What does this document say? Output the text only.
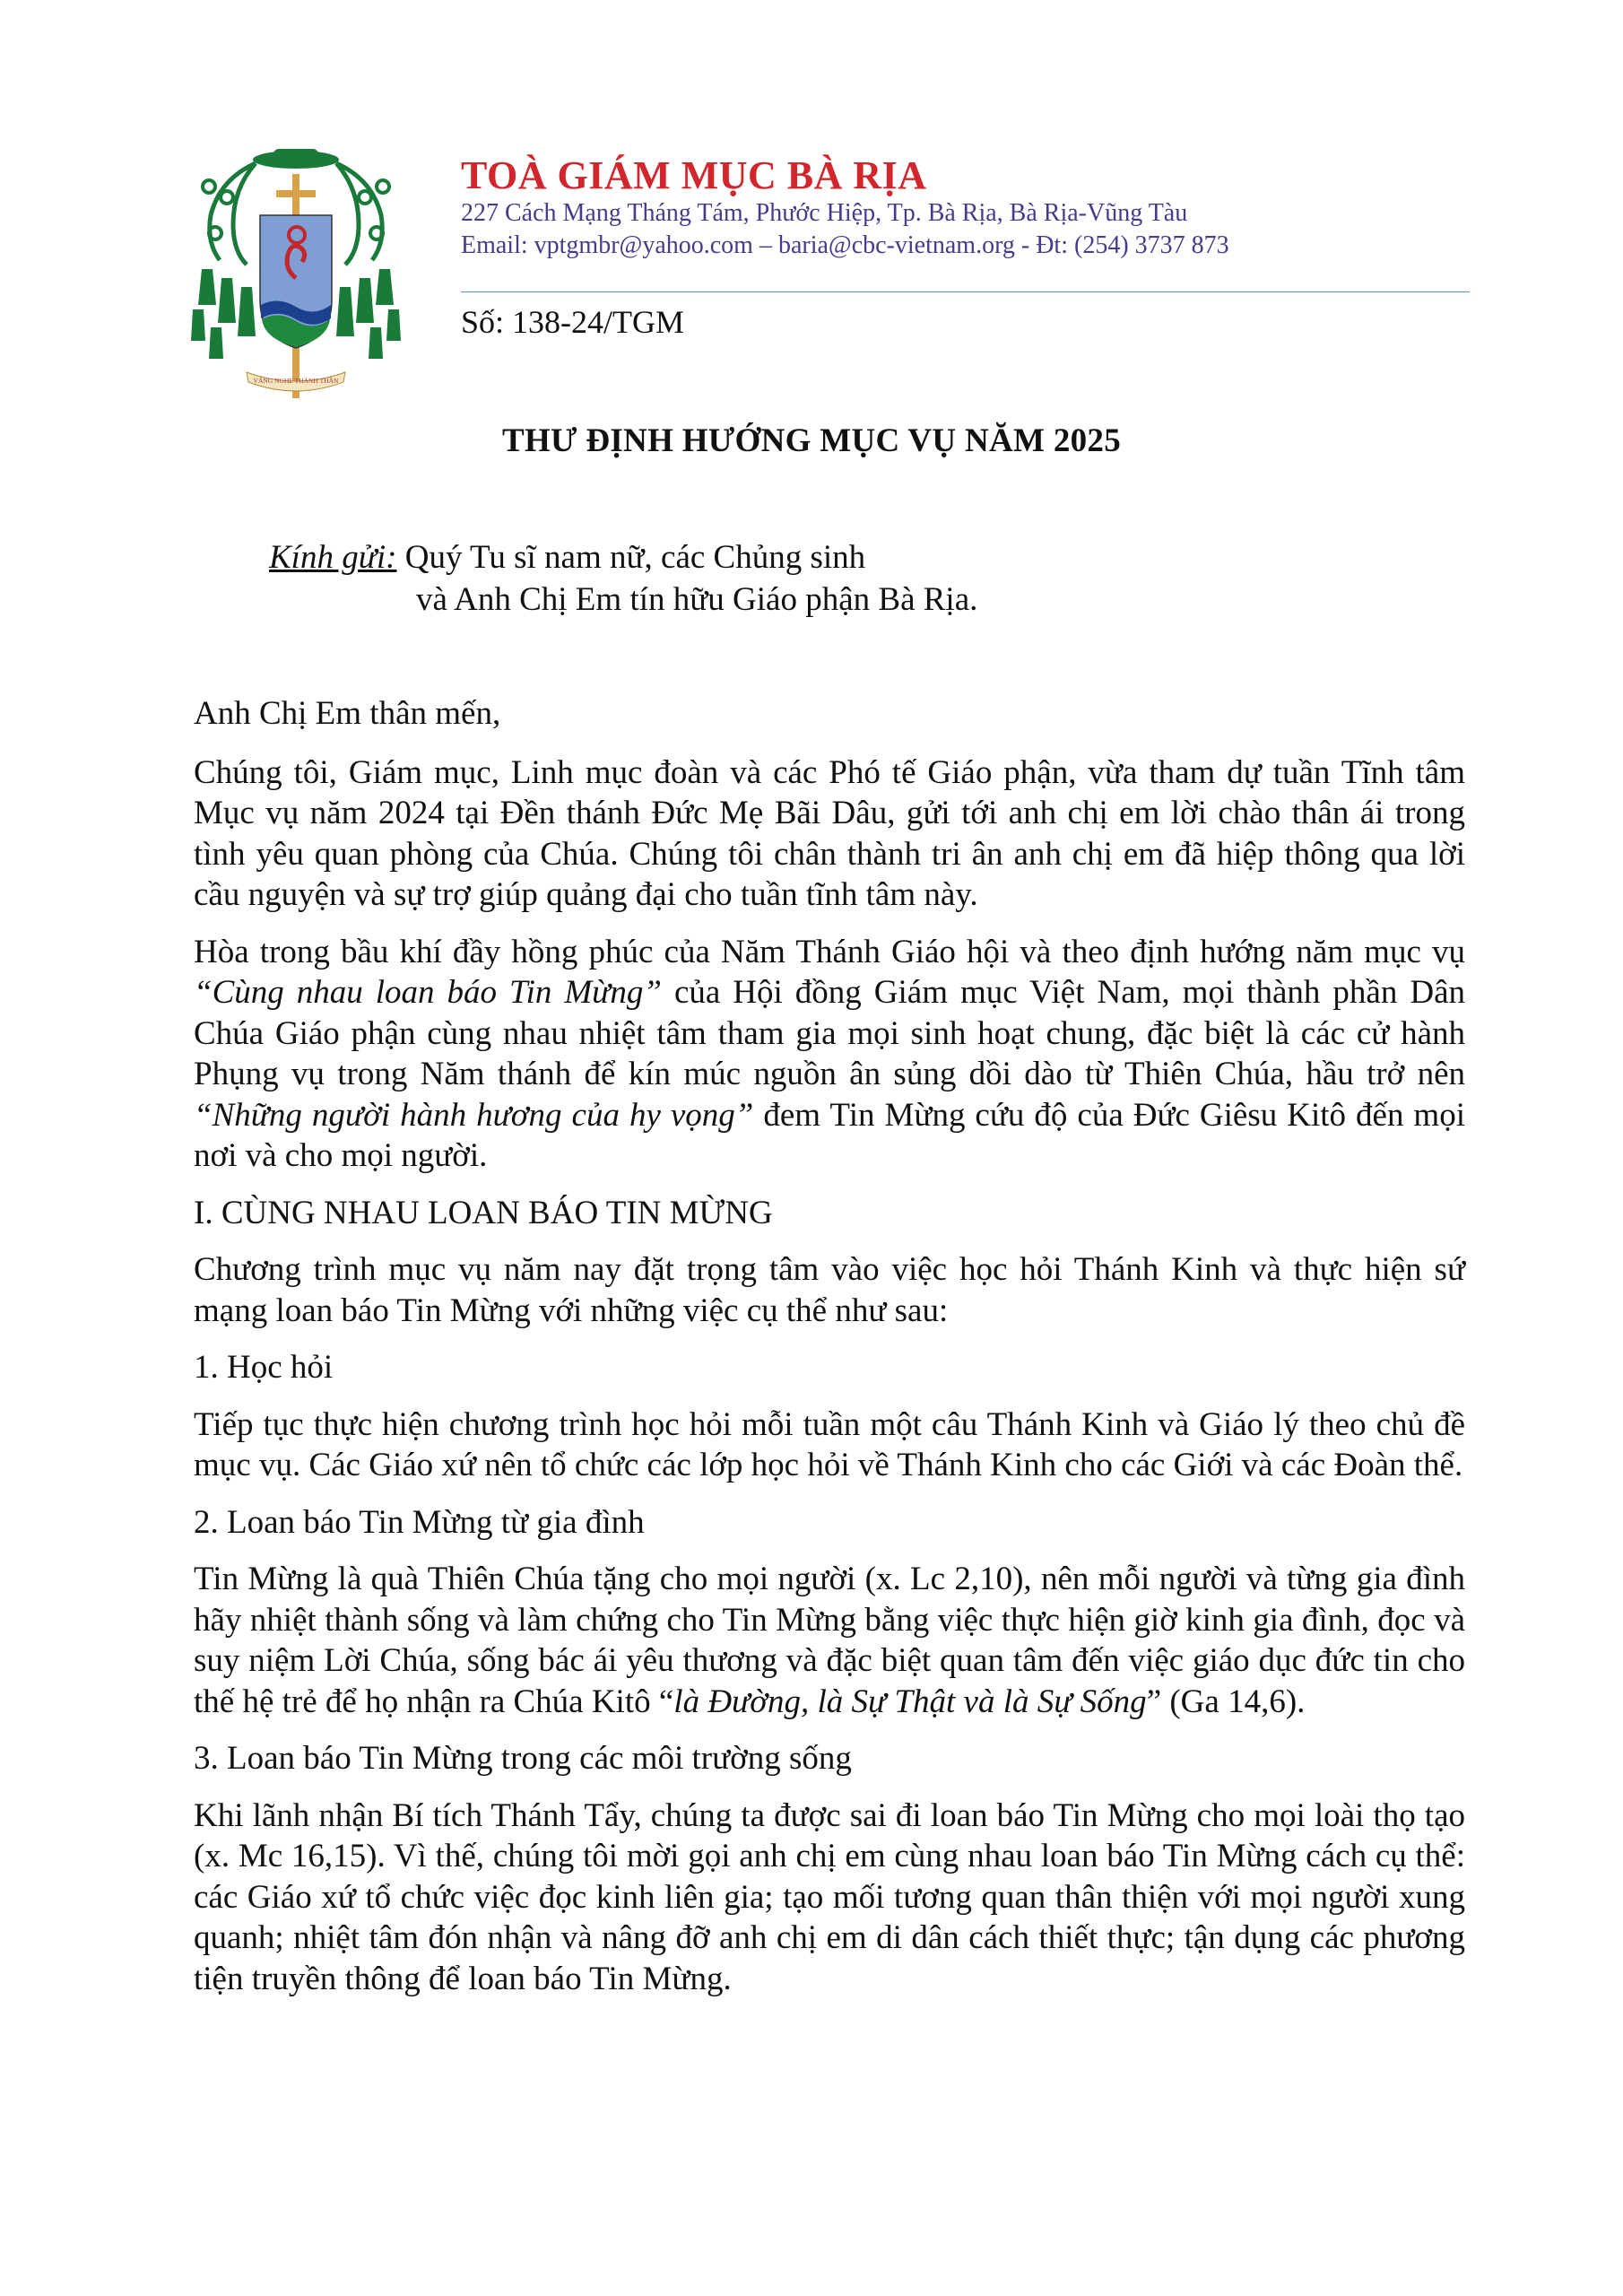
VÂNG NGHE THÁNH THẦN
TOÀ GIÁM MỤC BÀ RỊA
227 Cách Mạng Tháng Tám, Phước Hiệp, Tp. Bà Rịa, Bà Rịa-Vũng Tàu
Email: vptgmbr@yahoo.com – baria@cbc-vietnam.org - Đt: (254) 3737 873
Số: 138-24/TGM
THƯ ĐỊNH HƯỚNG MỤC VỤ NĂM 2025
Kính gửi: Quý Tu sĩ nam nữ, các Chủng sinh
và Anh Chị Em tín hữu Giáo phận Bà Rịa.

Anh Chị Em thân mến,

Chúng tôi, Giám mục, Linh mục đoàn và các Phó tế Giáo phận, vừa tham dự tuần Tĩnh tâm Mục vụ năm 2024 tại Đền thánh Đức Mẹ Bãi Dâu, gửi tới anh chị em lời chào thân ái trong tình yêu quan phòng của Chúa. Chúng tôi chân thành tri ân anh chị em đã hiệp thông qua lời cầu nguyện và sự trợ giúp quảng đại cho tuần tĩnh tâm này.

Hòa trong bầu khí đầy hồng phúc của Năm Thánh Giáo hội và theo định hướng năm mục vụ “Cùng nhau loan báo Tin Mừng” của Hội đồng Giám mục Việt Nam, mọi thành phần Dân Chúa Giáo phận cùng nhau nhiệt tâm tham gia mọi sinh hoạt chung, đặc biệt là các cử hành Phụng vụ trong Năm thánh để kín múc nguồn ân sủng dồi dào từ Thiên Chúa, hầu trở nên “Những người hành hương của hy vọng” đem Tin Mừng cứu độ của Đức Giêsu Kitô đến mọi nơi và cho mọi người.

I. CÙNG NHAU LOAN BÁO TIN MỪNG

Chương trình mục vụ năm nay đặt trọng tâm vào việc học hỏi Thánh Kinh và thực hiện sứ mạng loan báo Tin Mừng với những việc cụ thể như sau:

1. Học hỏi

Tiếp tục thực hiện chương trình học hỏi mỗi tuần một câu Thánh Kinh và Giáo lý theo chủ đề mục vụ. Các Giáo xứ nên tổ chức các lớp học hỏi về Thánh Kinh cho các Giới và các Đoàn thể.

2. Loan báo Tin Mừng từ gia đình

Tin Mừng là quà Thiên Chúa tặng cho mọi người (x. Lc 2,10), nên mỗi người và từng gia đình hãy nhiệt thành sống và làm chứng cho Tin Mừng bằng việc thực hiện giờ kinh gia đình, đọc và suy niệm Lời Chúa, sống bác ái yêu thương và đặc biệt quan tâm đến việc giáo dục đức tin cho thế hệ trẻ để họ nhận ra Chúa Kitô “là Đường, là Sự Thật và là Sự Sống” (Ga 14,6).

3. Loan báo Tin Mừng trong các môi trường sống

Khi lãnh nhận Bí tích Thánh Tẩy, chúng ta được sai đi loan báo Tin Mừng cho mọi loài thọ tạo (x. Mc 16,15). Vì thế, chúng tôi mời gọi anh chị em cùng nhau loan báo Tin Mừng cách cụ thể: các Giáo xứ tổ chức việc đọc kinh liên gia; tạo mối tương quan thân thiện với mọi người xung quanh; nhiệt tâm đón nhận và nâng đỡ anh chị em di dân cách thiết thực; tận dụng các phương tiện truyền thông để loan báo Tin Mừng.
